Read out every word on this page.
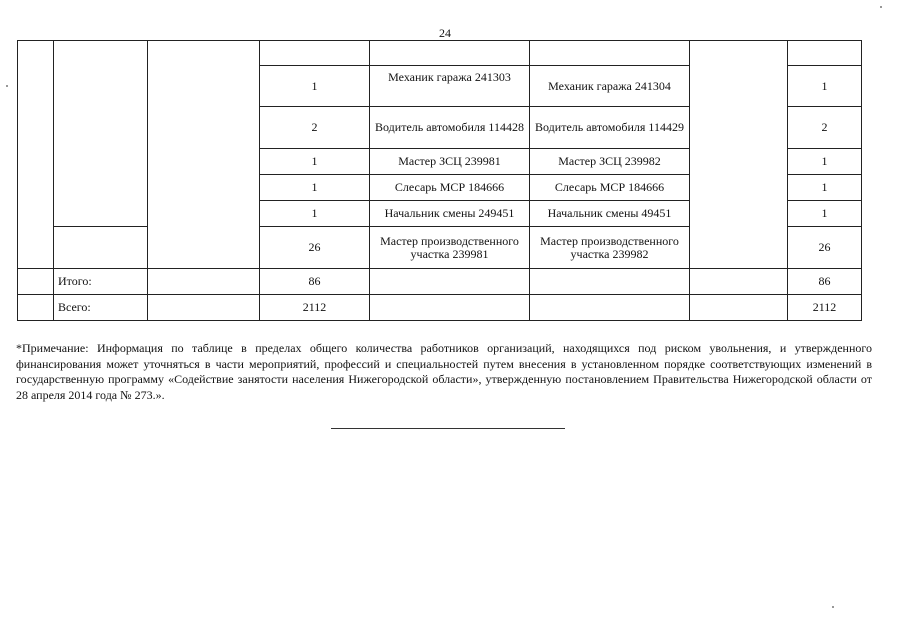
24

			1	Механик гаража 241303	Механик гаража 241304		1
			2	Водитель автомобиля 114428	Водитель автомобиля 114429		2
			1	Мастер ЗСЦ 239981	Мастер ЗСЦ 239982		1
			1	Слесарь МСР 184666	Слесарь МСР 184666		1
			1	Начальник смены 249451	Начальник смены 49451		1
			26	Мастер производственного участка 239981	Мастер производственного участка 239982		26
	Итого:		86				86
	Всего:		2112				2112
*Примечание: Информация по таблице в пределах общего количества работников организаций, находящихся под риском увольнения, и утвержденного финансирования может уточняться в части мероприятий, профессий и специальностей путем внесения в установленном порядке соответствующих изменений в государственную программу «Содействие занятости населения Нижегородской области», утвержденную постановлением Правительства Нижегородской области от 28 апреля 2014 года № 273.».
